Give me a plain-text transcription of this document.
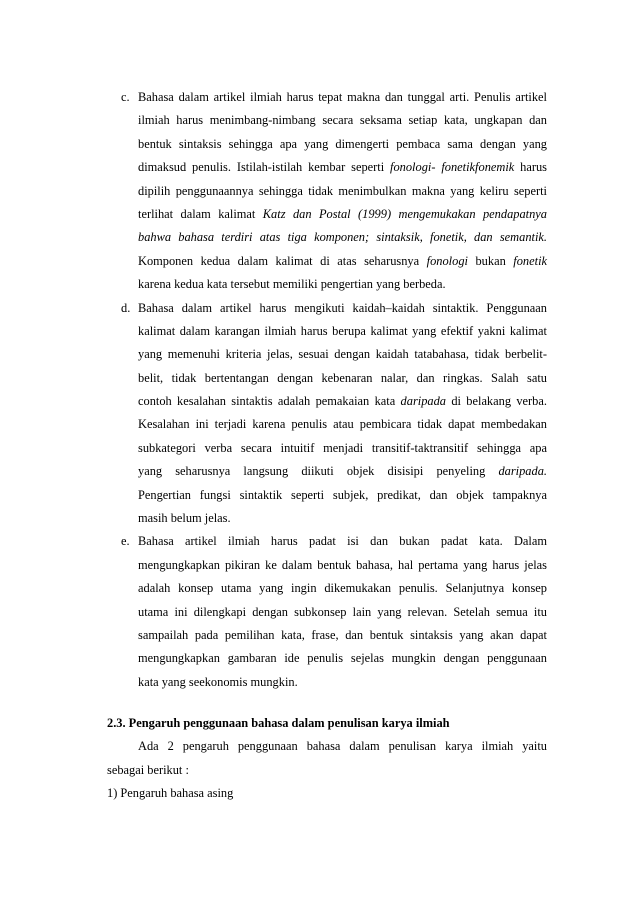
c. Bahasa dalam artikel ilmiah harus tepat makna dan tunggal arti. Penulis artikel
ilmiah harus menimbang-nimbang secara seksama setiap kata, ungkapan dan
bentuk sintaksis sehingga apa yang dimengerti pembaca sama dengan yang
dimaksud penulis. Istilah-istilah kembar seperti fonologi- fonetikfonemik harus
dipilih penggunaannya sehingga tidak menimbulkan makna yang keliru seperti
terlihat dalam kalimat Katz dan Postal (1999) mengemukakan pendapatnya
bahwa bahasa terdiri atas tiga komponen; sintaksik, fonetik, dan semantik.
Komponen kedua dalam kalimat di atas seharusnya fonologi bukan fonetik
karena kedua kata tersebut memiliki pengertian yang berbeda.
d. Bahasa dalam artikel harus mengikuti kaidah–kaidah sintaktik. Penggunaan
kalimat dalam karangan ilmiah harus berupa kalimat yang efektif yakni kalimat
yang memenuhi kriteria jelas, sesuai dengan kaidah tatabahasa, tidak berbelit-
belit, tidak bertentangan dengan kebenaran nalar, dan ringkas. Salah satu
contoh kesalahan sintaktis adalah pemakaian kata daripada di belakang verba.
Kesalahan ini terjadi karena penulis atau pembicara tidak dapat membedakan
subkategori verba secara intuitif menjadi transitif-taktransitif sehingga apa
yang seharusnya langsung diikuti objek disisipi penyeling daripada.
Pengertian fungsi sintaktik seperti subjek, predikat, dan objek tampaknya
masih belum jelas.
e. Bahasa artikel ilmiah harus padat isi dan bukan padat kata. Dalam
mengungkapkan pikiran ke dalam bentuk bahasa, hal pertama yang harus jelas
adalah konsep utama yang ingin dikemukakan penulis. Selanjutnya konsep
utama ini dilengkapi dengan subkonsep lain yang relevan. Setelah semua itu
sampailah pada pemilihan kata, frase, dan bentuk sintaksis yang akan dapat
mengungkapkan gambaran ide penulis sejelas mungkin dengan penggunaan
kata yang seekonomis mungkin.
2.3. Pengaruh penggunaan bahasa dalam penulisan karya ilmiah
Ada 2 pengaruh penggunaan bahasa dalam penulisan karya ilmiah yaitu
sebagai berikut :
1) Pengaruh bahasa asing
